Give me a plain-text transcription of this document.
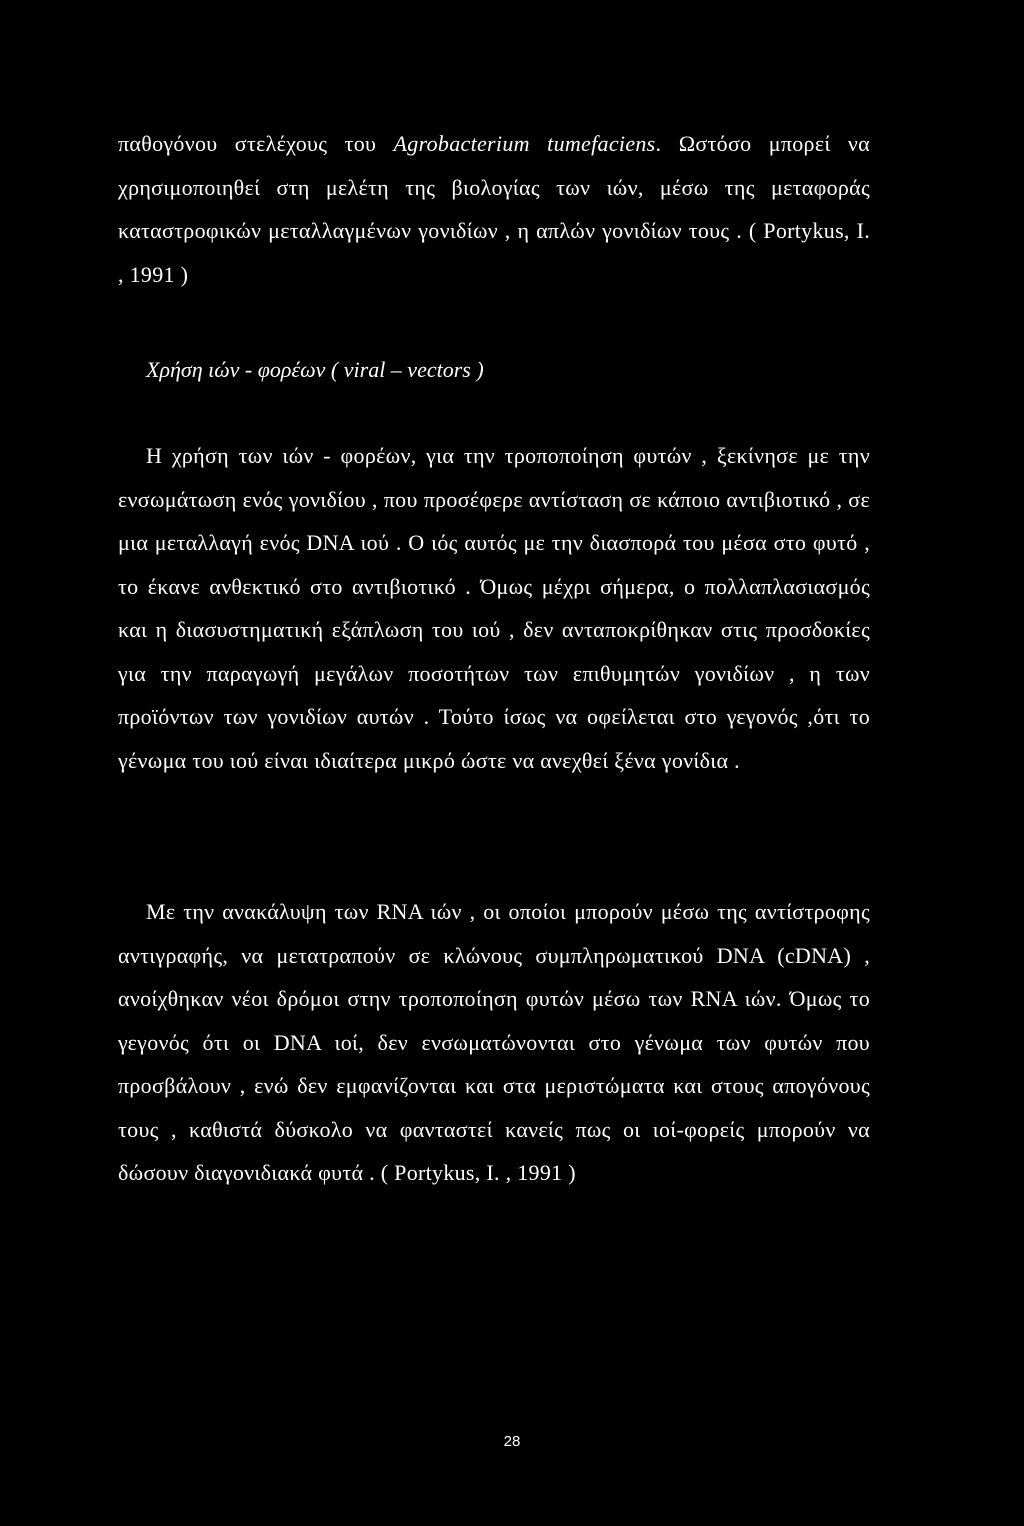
παθογόνου στελέχους του Agrobacterium tumefaciens. Ωστόσο μπορεί να χρησιμοποιηθεί στη μελέτη της βιολογίας των ιών, μέσω της μεταφοράς καταστροφικών μεταλλαγμένων γονιδίων , η απλών γονιδίων τους . ( Portykus, I. , 1991 )
Χρήση ιών - φορέων ( viral – vectors )
Η χρήση των ιών - φορέων, για την τροποποίηση φυτών , ξεκίνησε με την ενσωμάτωση ενός γονιδίου , που προσέφερε αντίσταση σε κάποιο αντιβιοτικό , σε μια μεταλλαγή ενός DNA ιού . Ο ιός αυτός με την διασπορά του μέσα στο φυτό , το έκανε ανθεκτικό στο αντιβιοτικό . Όμως μέχρι σήμερα, ο πολλαπλασιασμός και η διασυστηματική εξάπλωση του ιού , δεν ανταποκρίθηκαν στις προσδοκίες για την παραγωγή μεγάλων ποσοτήτων των επιθυμητών γονιδίων , η των προϊόντων των γονιδίων αυτών . Τούτο ίσως να οφείλεται στο γεγονός ,ότι το γένωμα του ιού είναι ιδιαίτερα μικρό ώστε να ανεχθεί ξένα γονίδια .
Με την ανακάλυψη των RNA ιών , οι οποίοι μπορούν μέσω της αντίστροφης αντιγραφής, να μετατραπούν σε κλώνους συμπληρωματικού DNA (cDNA) , ανοίχθηκαν νέοι δρόμοι στην τροποποίηση φυτών μέσω των RNA ιών. Όμως το γεγονός ότι οι DNA ιοί, δεν ενσωματώνονται στο γένωμα των φυτών που προσβάλουν , ενώ δεν εμφανίζονται και στα μεριστώματα και στους απογόνους τους , καθιστά δύσκολο να φανταστεί κανείς πως οι ιοί-φορείς μπορούν να δώσουν διαγονιδιακά φυτά . ( Portykus, I. , 1991 )
28
